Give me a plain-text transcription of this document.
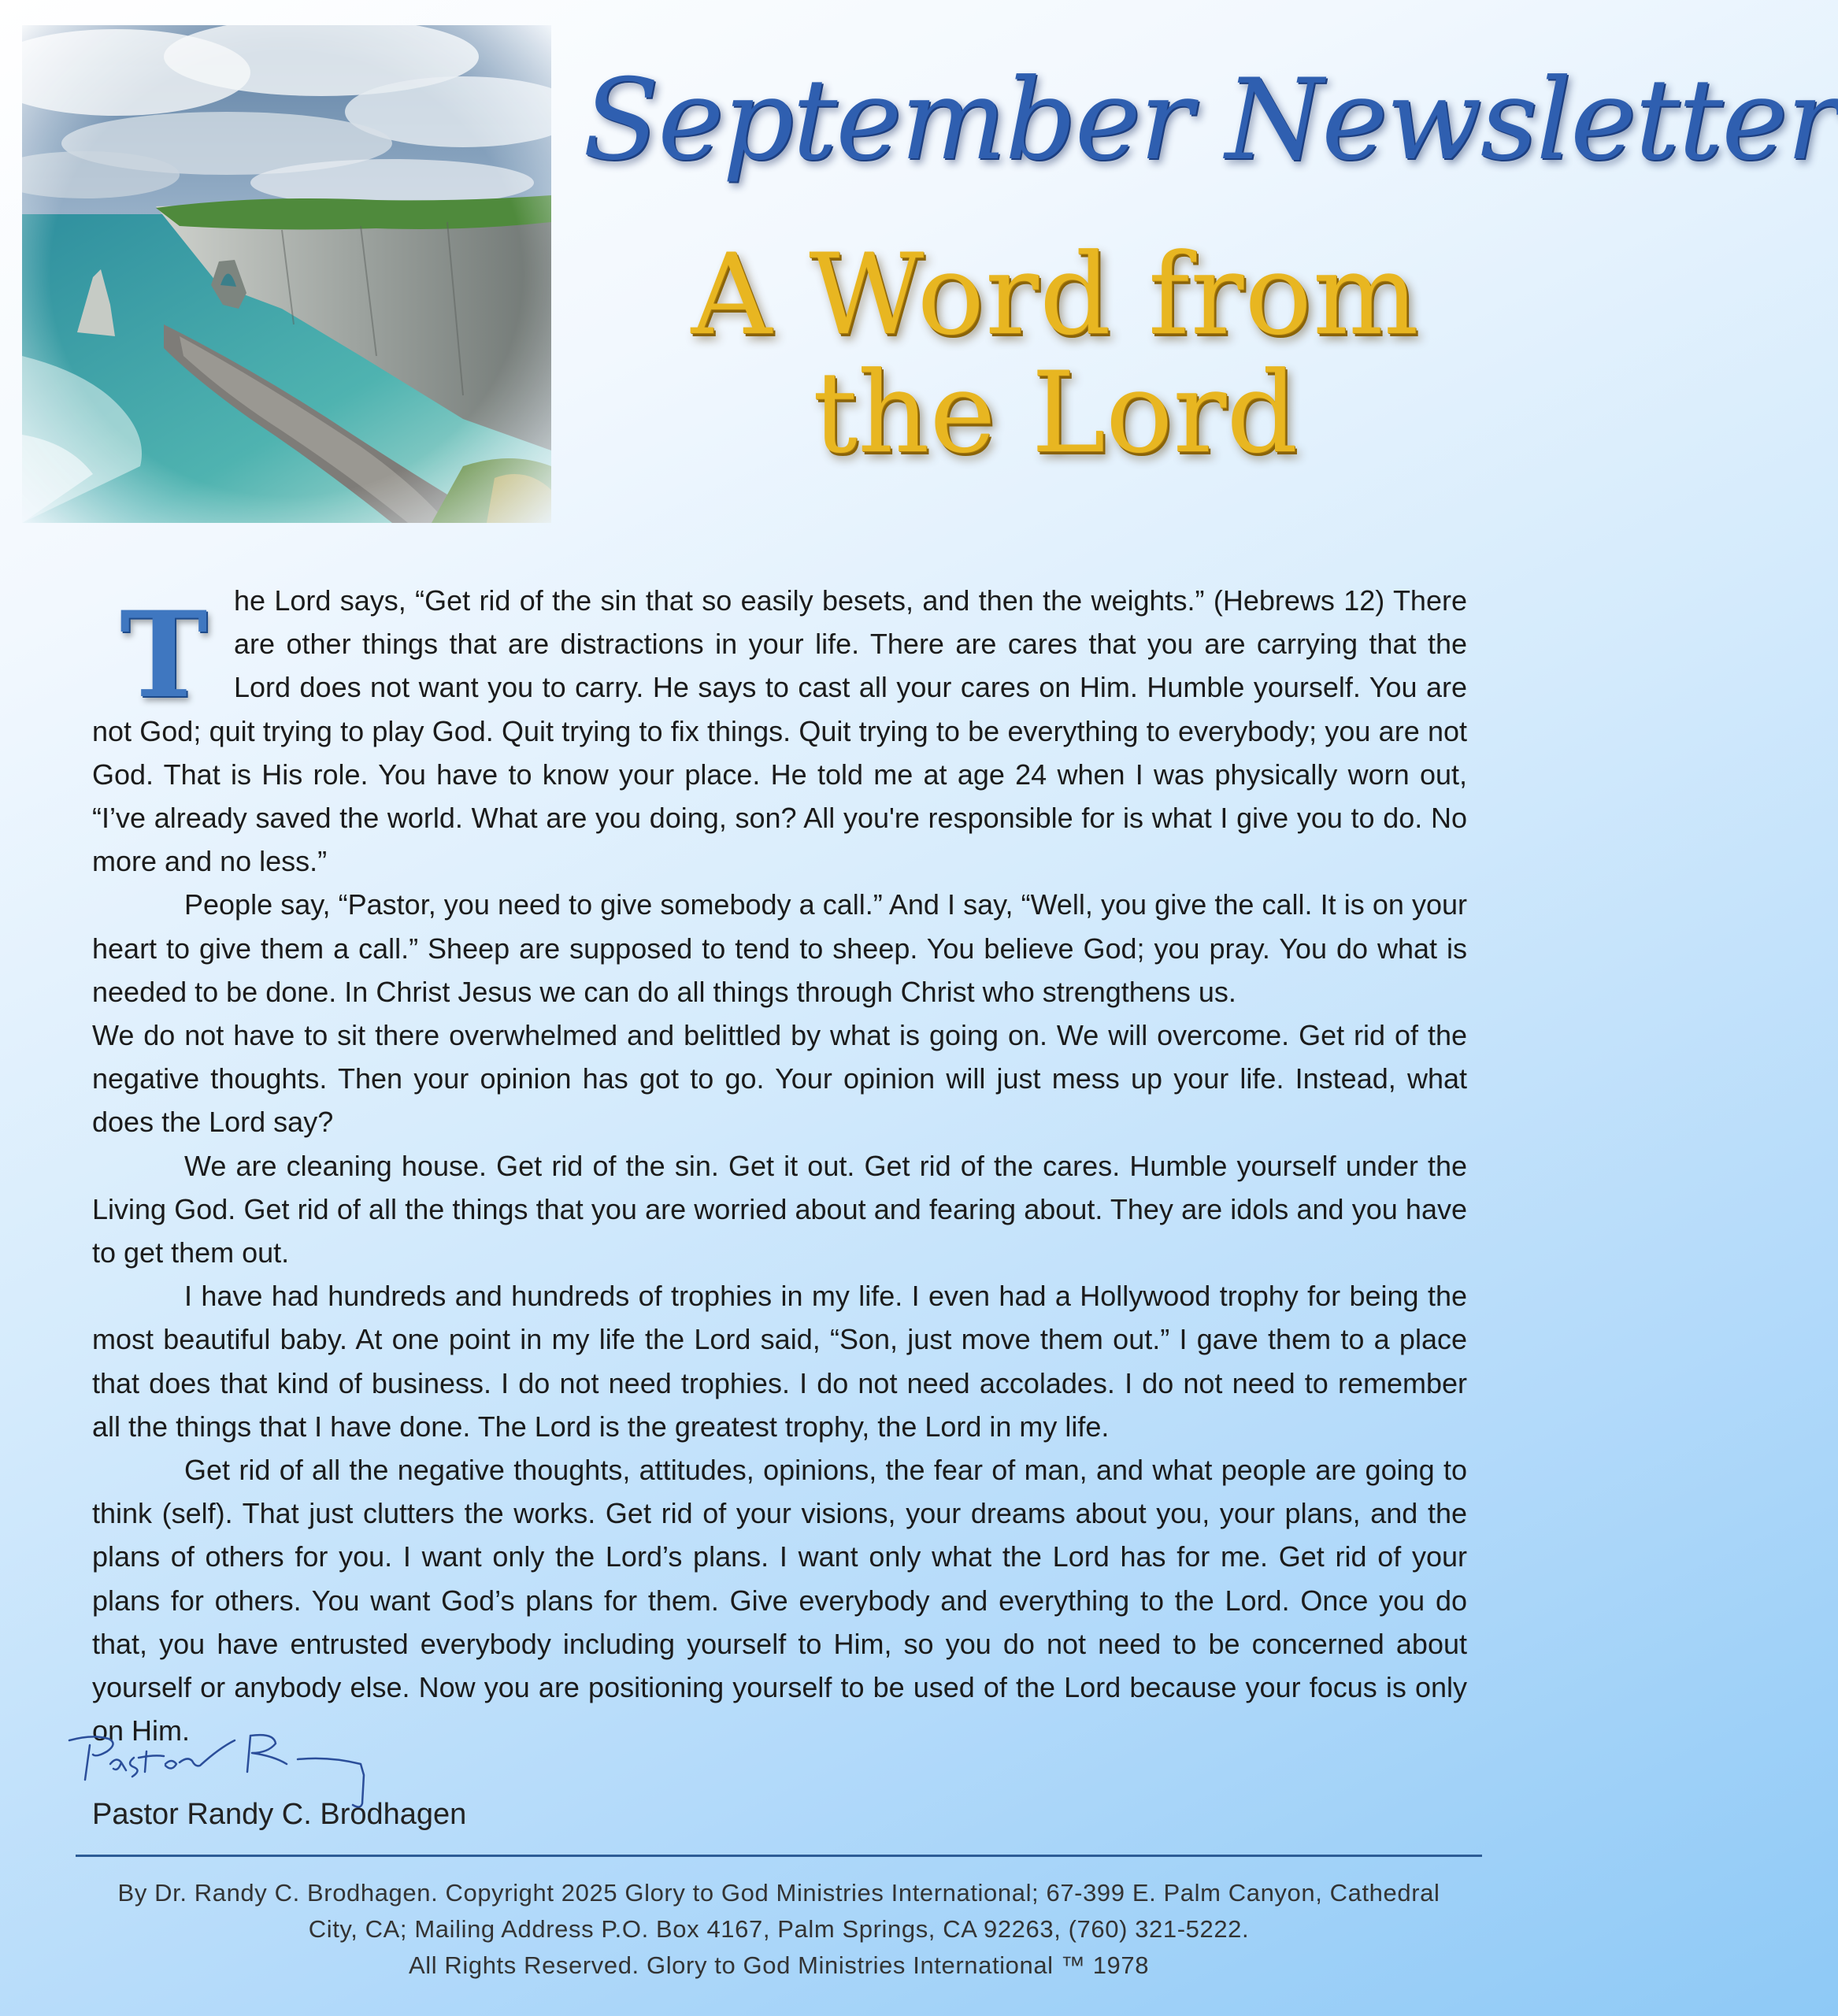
September Newsletter
A Word from
the Lord
T he Lord says, “Get rid of the sin that so easily besets, and then the weights.” (Hebrews 12) There are other things that are distractions in your life. There are cares that you are carrying that the Lord does not want you to carry. He says to cast all your cares on Him. Humble yourself. You are not God; quit trying to play God. Quit trying to fix things. Quit trying to be everything to everybody; you are not God. That is His role. You have to know your place. He told me at age 24 when I was physically worn out, “I’ve already saved the world. What are you doing, son? All you're responsible for is what I give you to do. No more and no less.”

People say, “Pastor, you need to give somebody a call.” And I say, “Well, you give the call. It is on your heart to give them a call.” Sheep are supposed to tend to sheep. You believe God; you pray. You do what is needed to be done. In Christ Jesus we can do all things through Christ who strengthens us.

We do not have to sit there overwhelmed and belittled by what is going on. We will overcome. Get rid of the negative thoughts. Then your opinion has got to go. Your opinion will just mess up your life. Instead, what does the Lord say?

We are cleaning house. Get rid of the sin. Get it out. Get rid of the cares. Humble yourself under the Living God. Get rid of all the things that you are worried about and fearing about. They are idols and you have to get them out.

I have had hundreds and hundreds of trophies in my life. I even had a Hollywood trophy for being the most beautiful baby. At one point in my life the Lord said, “Son, just move them out.” I gave them to a place that does that kind of business. I do not need trophies. I do not need accolades. I do not need to remember all the things that I have done. The Lord is the greatest trophy, the Lord in my life.

Get rid of all the negative thoughts, attitudes, opinions, the fear of man, and what people are going to think (self). That just clutters the works. Get rid of your visions, your dreams about you, your plans, and the plans of others for you. I want only the Lord’s plans. I want only what the Lord has for me. Get rid of your plans for others. You want God’s plans for them. Give everybody and everything to the Lord. Once you do that, you have entrusted everybody including yourself to Him, so you do not need to be concerned about yourself or anybody else. Now you are positioning yourself to be used of the Lord because your focus is only on Him.

Pastor Randy C. Brodhagen
By Dr. Randy C. Brodhagen. Copyright 2025 Glory to God Ministries International; 67-399 E. Palm Canyon, Cathedral
City, CA; Mailing Address P.O. Box 4167, Palm Springs, CA 92263, (760) 321-5222.
All Rights Reserved. Glory to God Ministries International ™ 1978
